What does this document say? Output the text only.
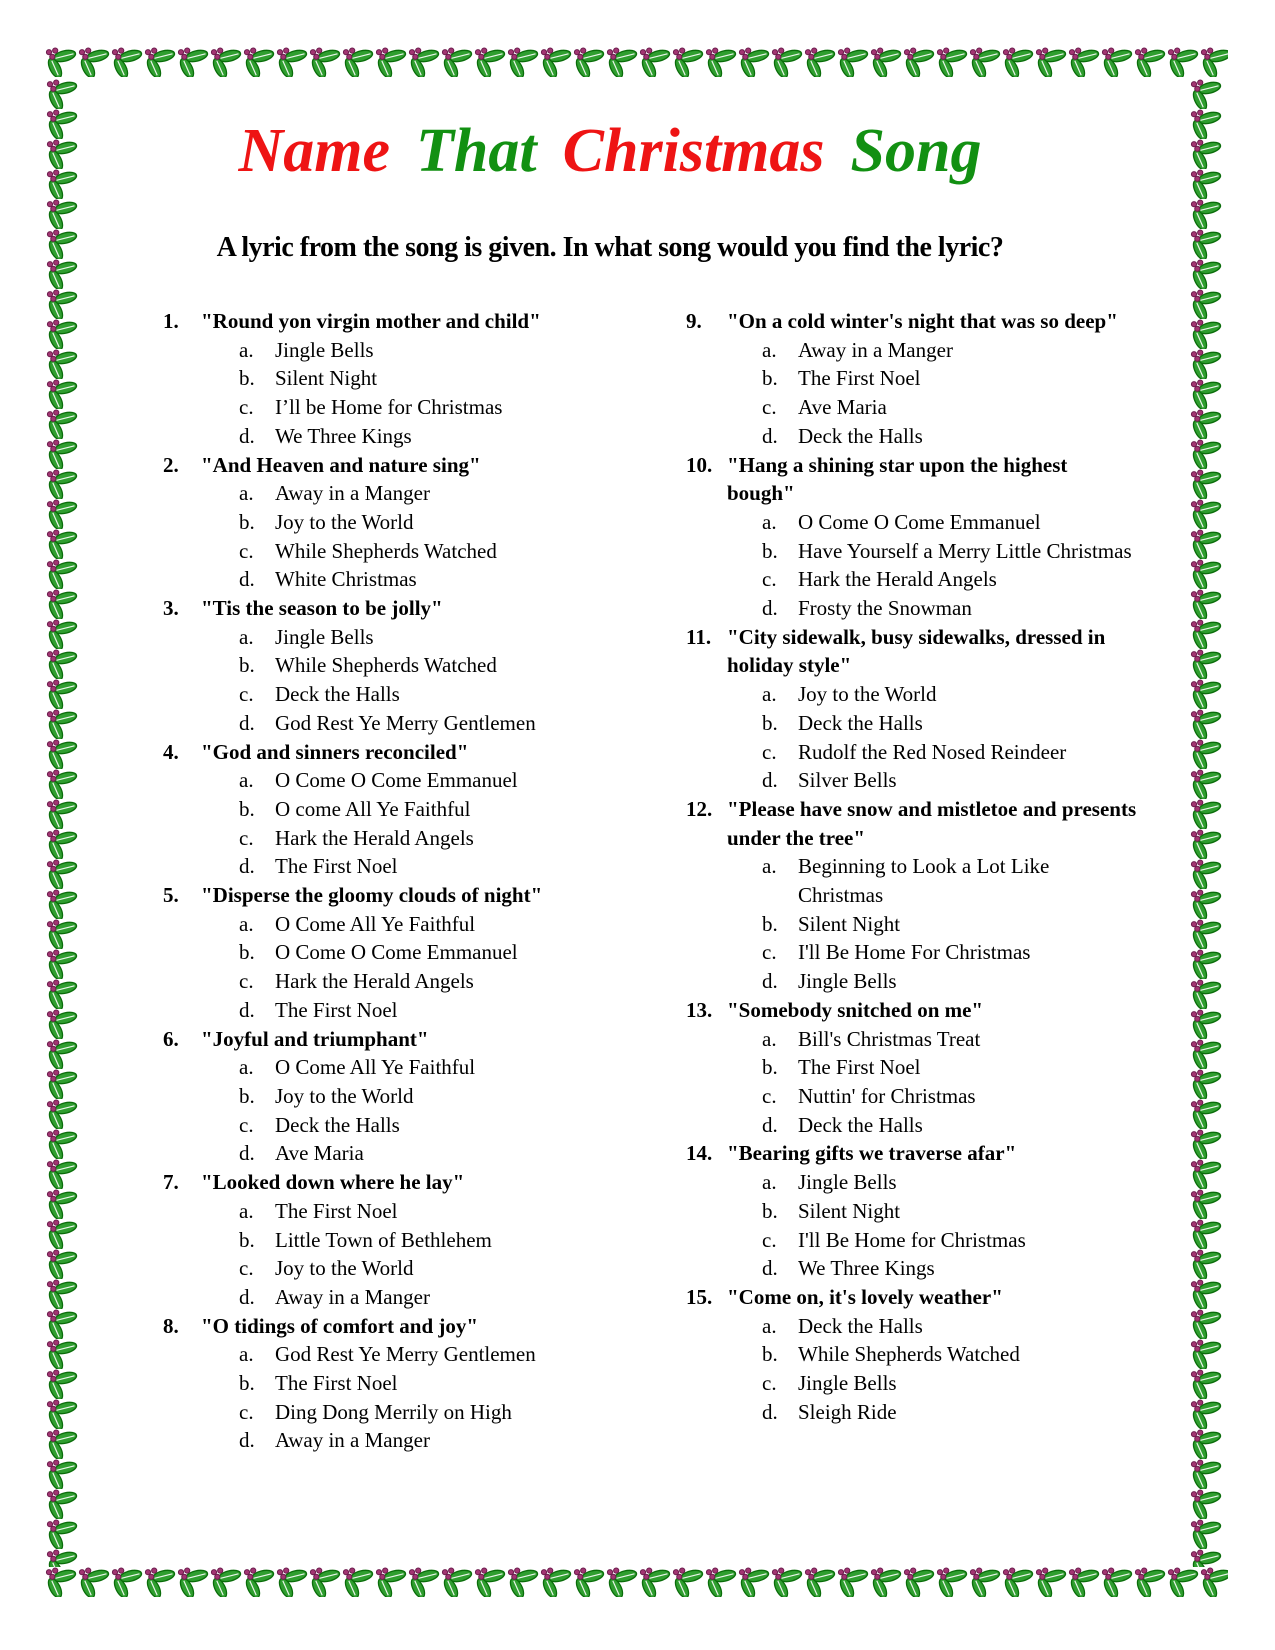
Name That Christmas Song
A lyric from the song is given. In what song would you find the lyric?
1. "Round yon virgin mother and child"
a. Jingle Bells
b. Silent Night
c. I’ll be Home for Christmas
d. We Three Kings
2. "And Heaven and nature sing"
a. Away in a Manger
b. Joy to the World
c. While Shepherds Watched
d. White Christmas
3. "Tis the season to be jolly"
a. Jingle Bells
b. While Shepherds Watched
c. Deck the Halls
d. God Rest Ye Merry Gentlemen
4. "God and sinners reconciled"
a. O Come O Come Emmanuel
b. O come All Ye Faithful
c. Hark the Herald Angels
d. The First Noel
5. "Disperse the gloomy clouds of night"
a. O Come All Ye Faithful
b. O Come O Come Emmanuel
c. Hark the Herald Angels
d. The First Noel
6. "Joyful and triumphant"
a. O Come All Ye Faithful
b. Joy to the World
c. Deck the Halls
d. Ave Maria
7. "Looked down where he lay"
a. The First Noel
b. Little Town of Bethlehem
c. Joy to the World
d. Away in a Manger
8. "O tidings of comfort and joy"
a. God Rest Ye Merry Gentlemen
b. The First Noel
c. Ding Dong Merrily on High
d. Away in a Manger
9. "On a cold winter's night that was so deep"
a. Away in a Manger
b. The First Noel
c. Ave Maria
d. Deck the Halls
10. "Hang a shining star upon the highest bough"
a. O Come O Come Emmanuel
b. Have Yourself a Merry Little Christmas
c. Hark the Herald Angels
d. Frosty the Snowman
11. "City sidewalk, busy sidewalks, dressed in holiday style"
a. Joy to the World
b. Deck the Halls
c. Rudolf the Red Nosed Reindeer
d. Silver Bells
12. "Please have snow and mistletoe and presents under the tree"
a. Beginning to Look a Lot Like Christmas
b. Silent Night
c. I'll Be Home For Christmas
d. Jingle Bells
13. "Somebody snitched on me"
a. Bill's Christmas Treat
b. The First Noel
c. Nuttin' for Christmas
d. Deck the Halls
14. "Bearing gifts we traverse afar"
a. Jingle Bells
b. Silent Night
c. I'll Be Home for Christmas
d. We Three Kings
15. "Come on, it's lovely weather"
a. Deck the Halls
b. While Shepherds Watched
c. Jingle Bells
d. Sleigh Ride
